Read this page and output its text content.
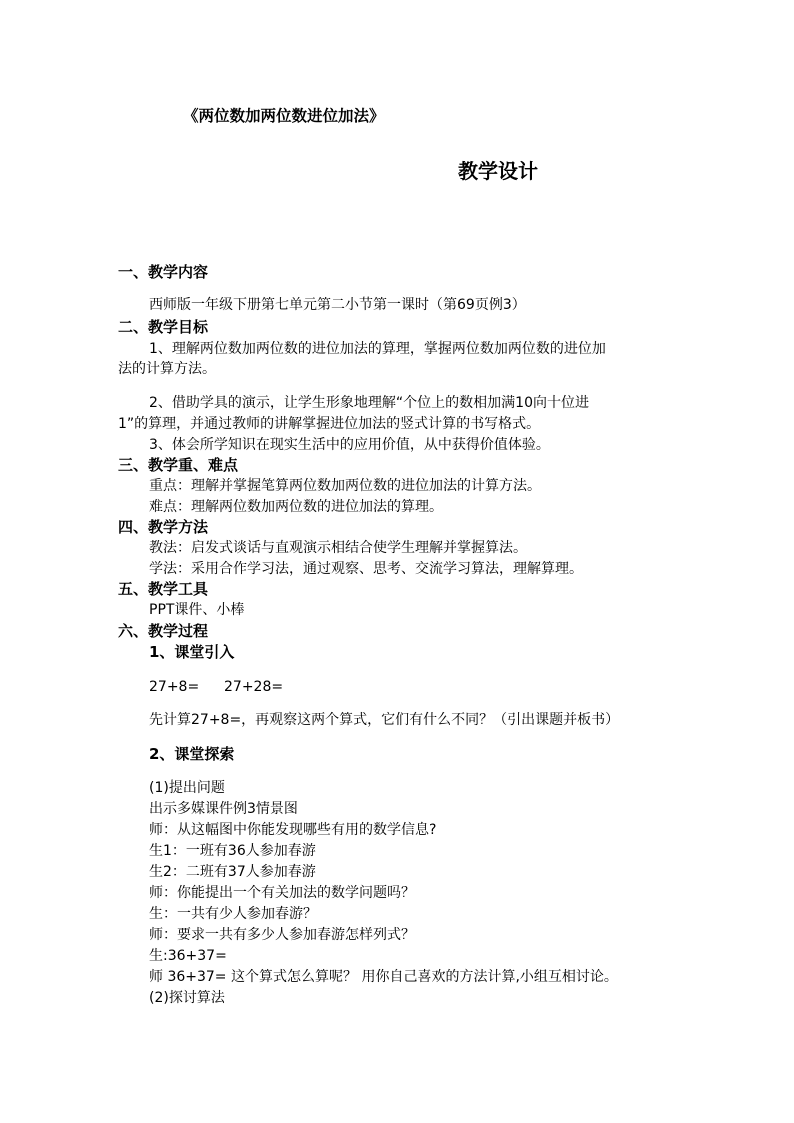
《两位数加两位数进位加法》
教学设计
一、教学内容
西师版一年级下册第七单元第二小节第一课时（第69页例3）
二、教学目标
1、理解两位数加两位数的进位加法的算理，掌握两位数加两位数的进位加
法的计算方法。
2、借助学具的演示，让学生形象地理解“个位上的数相加满10向十位进
1”的算理，并通过教师的讲解掌握进位加法的竖式计算的书写格式。
3、体会所学知识在现实生活中的应用价值，从中获得价值体验。
三、教学重、难点
重点：理解并掌握笔算两位数加两位数的进位加法的计算方法。
难点：理解两位数加两位数的进位加法的算理。
四、教学方法
教法：启发式谈话与直观演示相结合使学生理解并掌握算法。
学法：采用合作学习法，通过观察、思考、交流学习算法，理解算理。
五、教学工具
PPT课件、小棒
六、教学过程
1、课堂引入
27+8= 27+28=
先计算27+8=，再观察这两个算式，它们有什么不同？（引出课题并板书）
2、课堂探索
(1)提出问题
出示多媒课件例3情景图
师：从这幅图中你能发现哪些有用的数学信息?
生1：一班有36人参加春游
生2：二班有37人参加春游
师：你能提出一个有关加法的数学问题吗？
生：一共有少人参加春游？
师：要求一共有多少人参加春游怎样列式？
生:36+37=
师 36+37= 这个算式怎么算呢？ 用你自己喜欢的方法计算,小组互相讨论。
(2)探讨算法
